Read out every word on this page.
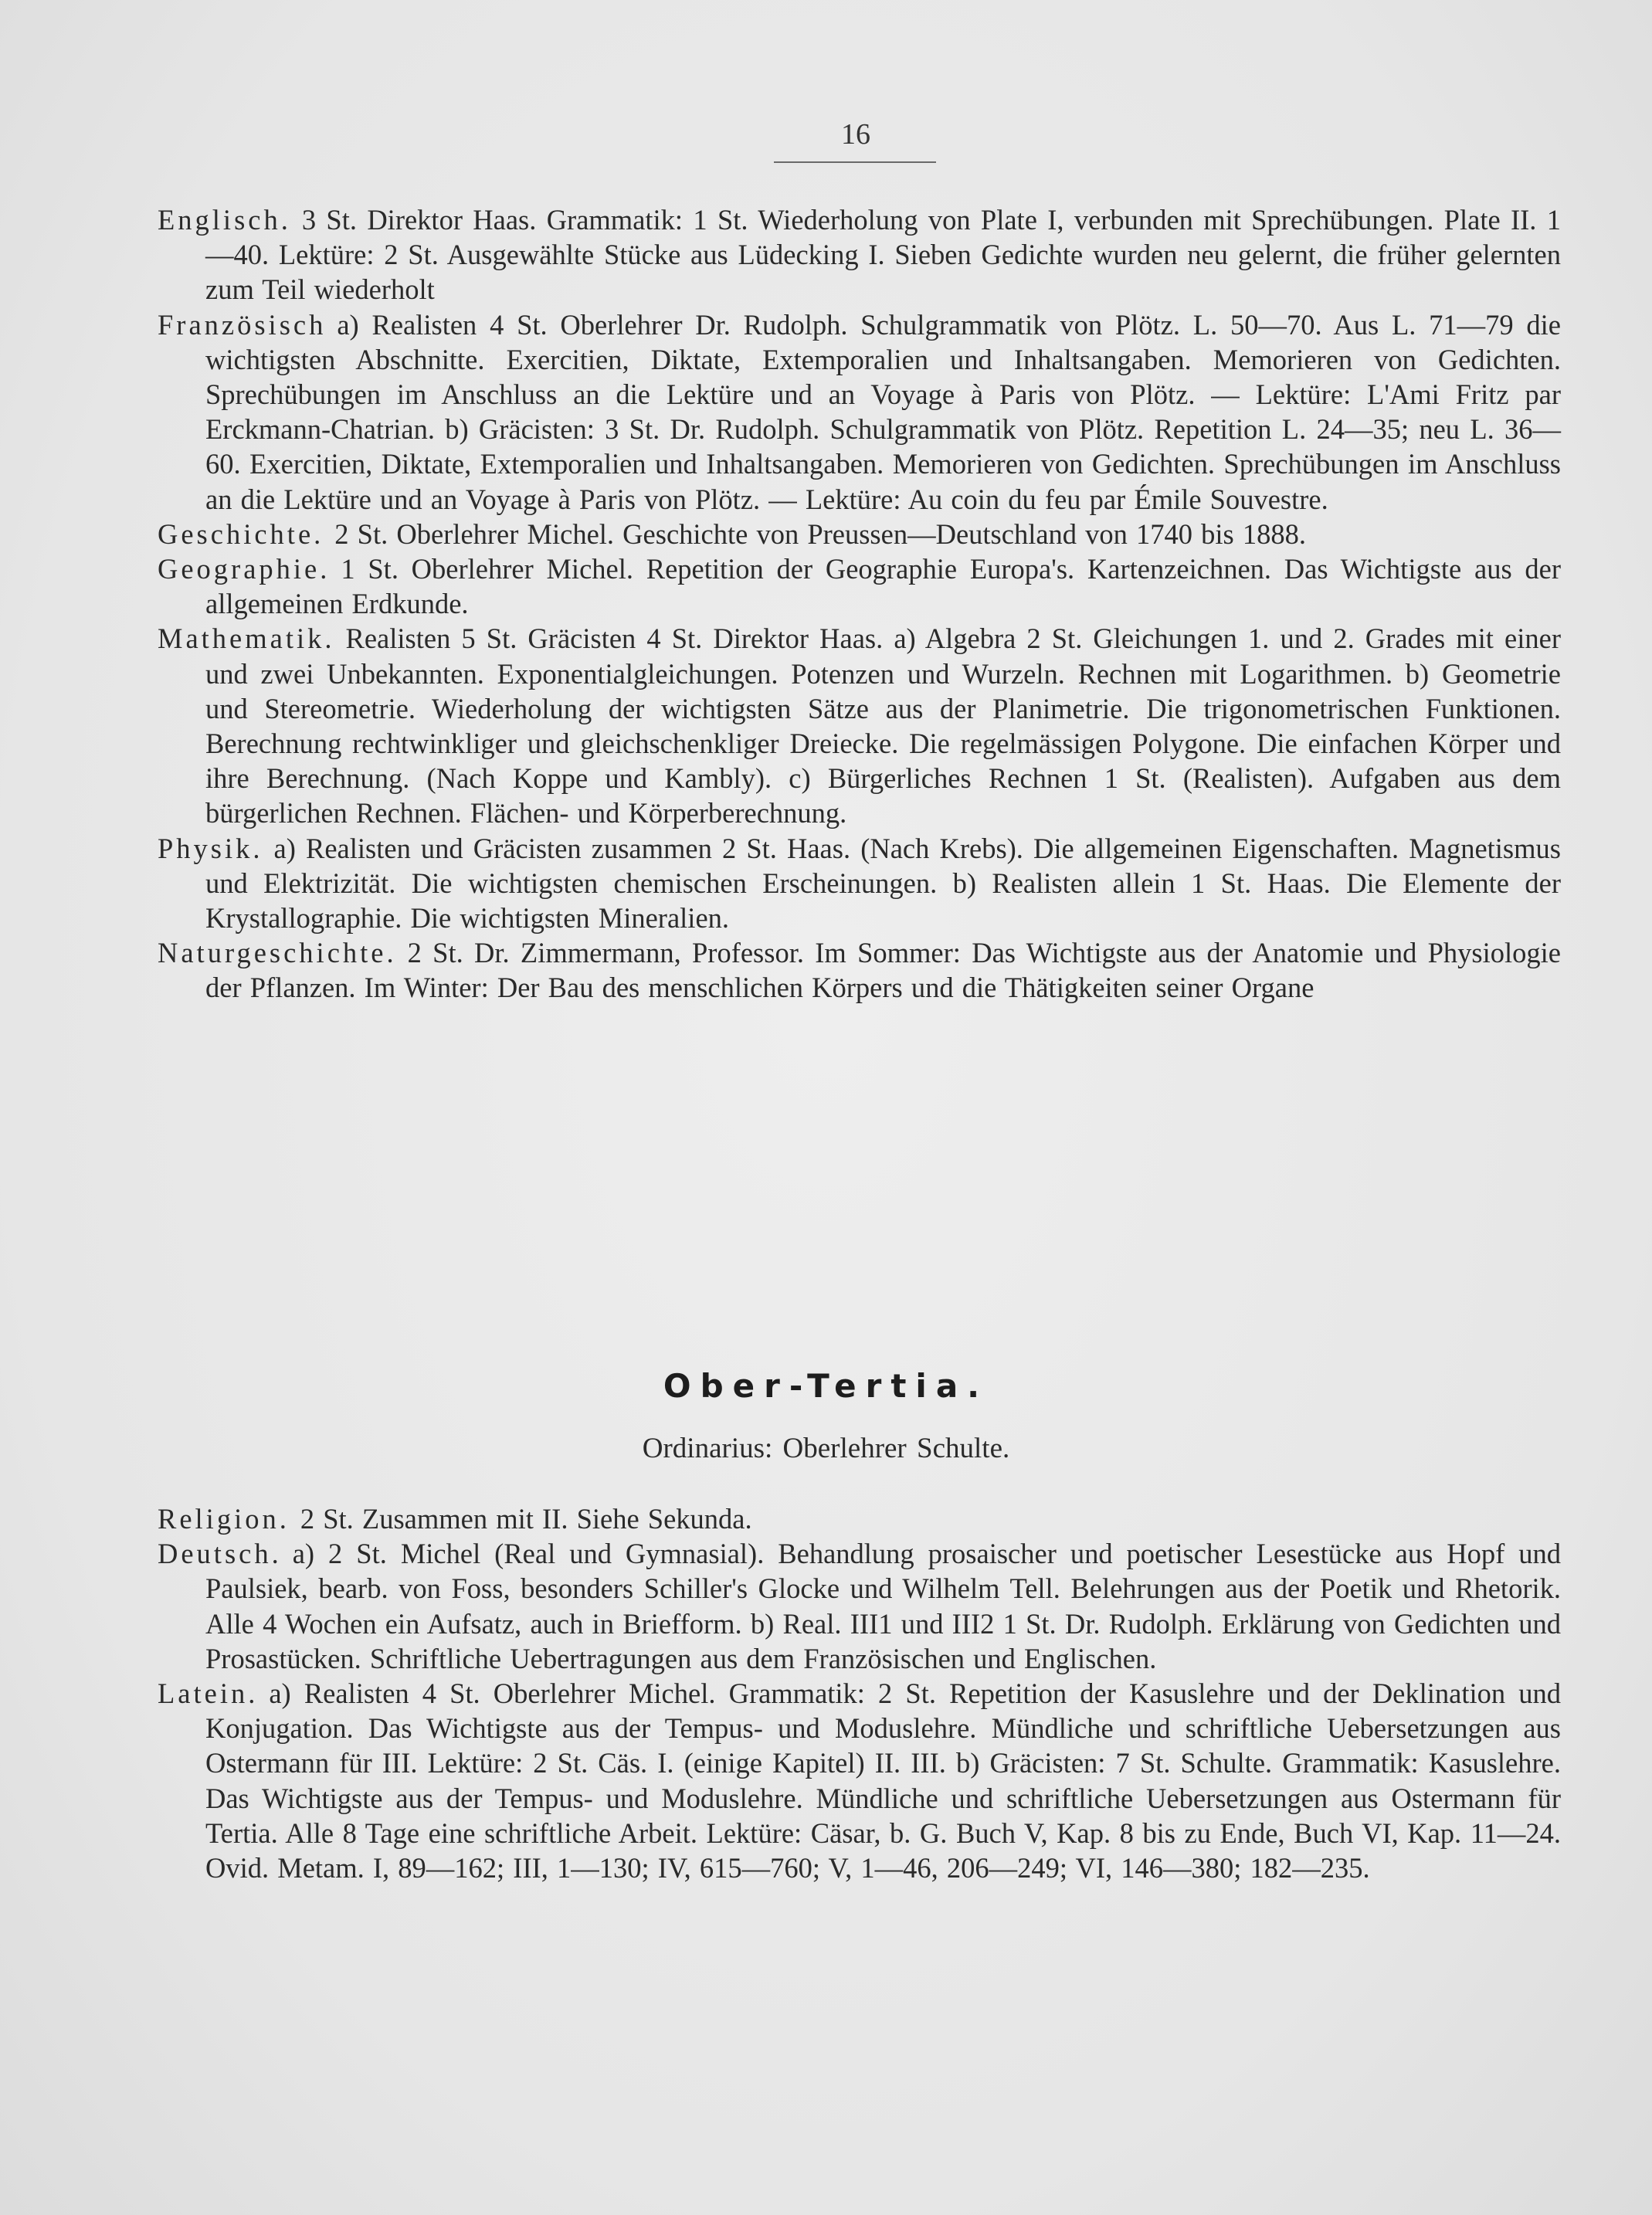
16

Englisch. 3 St. Direktor Haas. Grammatik: 1 St. Wiederholung von Plate I, verbunden mit Sprechübungen. Plate II. 1—40. Lektüre: 2 St. Ausgewählte Stücke aus Lüdecking I. Sieben Gedichte wurden neu gelernt, die früher gelernten zum Teil wiederholt

Französisch a) Realisten 4 St. Oberlehrer Dr. Rudolph. Schulgrammatik von Plötz. L. 50—70. Aus L. 71—79 die wichtigsten Abschnitte. Exercitien, Diktate, Extemporalien und Inhaltsangaben. Memorieren von Gedichten. Sprechübungen im Anschluss an die Lektüre und an Voyage à Paris von Plötz. — Lektüre: L'Ami Fritz par Erckmann-Chatrian. b) Gräcisten: 3 St. Dr. Rudolph. Schulgrammatik von Plötz. Repetition L. 24—35; neu L. 36—60. Exercitien, Diktate, Extemporalien und Inhaltsangaben. Memorieren von Gedichten. Sprechübungen im Anschluss an die Lektüre und an Voyage à Paris von Plötz. — Lektüre: Au coin du feu par Émile Souvestre.

Geschichte. 2 St. Oberlehrer Michel. Geschichte von Preussen—Deutschland von 1740 bis 1888.

Geographie. 1 St. Oberlehrer Michel. Repetition der Geographie Europa's. Kartenzeichnen. Das Wichtigste aus der allgemeinen Erdkunde.

Mathematik. Realisten 5 St. Gräcisten 4 St. Direktor Haas. a) Algebra 2 St. Gleichungen 1. und 2. Grades mit einer und zwei Unbekannten. Exponentialgleichungen. Potenzen und Wurzeln. Rechnen mit Logarithmen. b) Geometrie und Stereometrie. Wiederholung der wichtigsten Sätze aus der Planimetrie. Die trigonometrischen Funktionen. Berechnung rechtwinkliger und gleichschenkliger Dreiecke. Die regelmässigen Polygone. Die einfachen Körper und ihre Berechnung. (Nach Koppe und Kambly). c) Bürgerliches Rechnen 1 St. (Realisten). Aufgaben aus dem bürgerlichen Rechnen. Flächen- und Körperberechnung.

Physik. a) Realisten und Gräcisten zusammen 2 St. Haas. (Nach Krebs). Die allgemeinen Eigenschaften. Magnetismus und Elektrizität. Die wichtigsten chemischen Erscheinungen. b) Realisten allein 1 St. Haas. Die Elemente der Krystallographie. Die wichtigsten Mineralien.

Naturgeschichte. 2 St. Dr. Zimmermann, Professor. Im Sommer: Das Wichtigste aus der Anatomie und Physiologie der Pflanzen. Im Winter: Der Bau des menschlichen Körpers und die Thätigkeiten seiner Organe

Ober-Tertia.
Ordinarius: Oberlehrer Schulte.

Religion. 2 St. Zusammen mit II. Siehe Sekunda.

Deutsch. a) 2 St. Michel (Real und Gymnasial). Behandlung prosaischer und poetischer Lesestücke aus Hopf und Paulsiek, bearb. von Foss, besonders Schiller's Glocke und Wilhelm Tell. Belehrungen aus der Poetik und Rhetorik. Alle 4 Wochen ein Aufsatz, auch in Briefform. b) Real. III1 und III2 1 St. Dr. Rudolph. Erklärung von Gedichten und Prosastücken. Schriftliche Uebertragungen aus dem Französischen und Englischen.

Latein. a) Realisten 4 St. Oberlehrer Michel. Grammatik: 2 St. Repetition der Kasuslehre und der Deklination und Konjugation. Das Wichtigste aus der Tempus- und Moduslehre. Mündliche und schriftliche Uebersetzungen aus Ostermann für III. Lektüre: 2 St. Cäs. I. (einige Kapitel) II. III. b) Gräcisten: 7 St. Schulte. Grammatik: Kasuslehre. Das Wichtigste aus der Tempus- und Moduslehre. Mündliche und schriftliche Uebersetzungen aus Ostermann für Tertia. Alle 8 Tage eine schriftliche Arbeit. Lektüre: Cäsar, b. G. Buch V, Kap. 8 bis zu Ende, Buch VI, Kap. 11—24. Ovid. Metam. I, 89—162; III, 1—130; IV, 615—760; V, 1—46, 206—249; VI, 146—380; 182—235.
